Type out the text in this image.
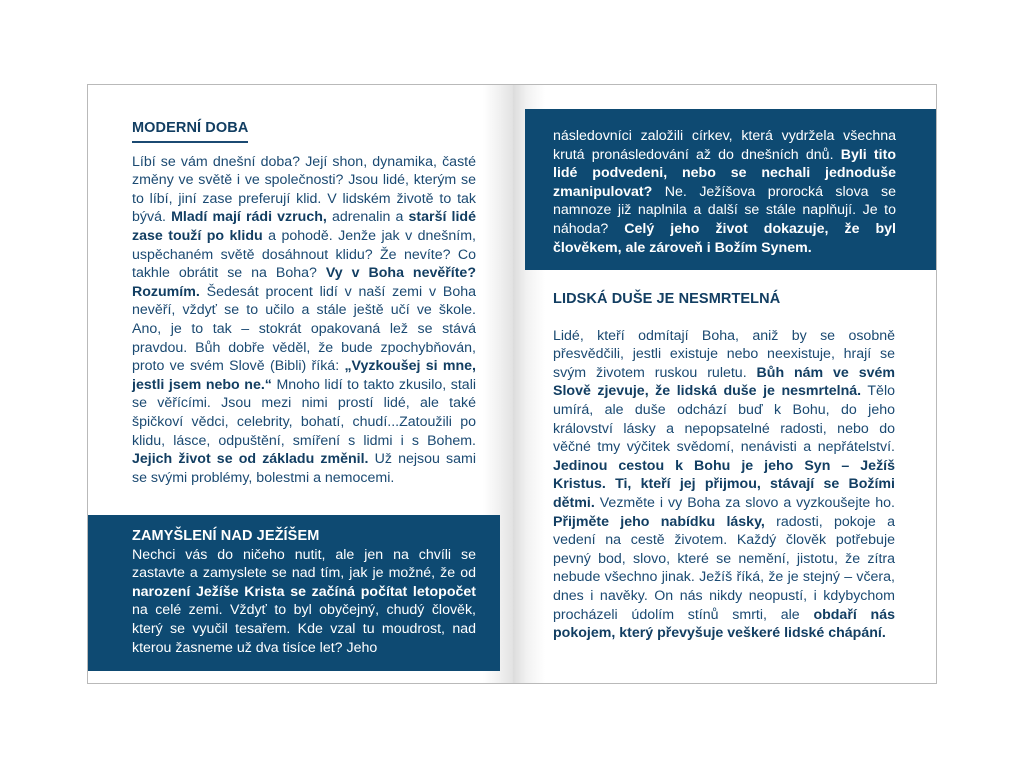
MODERNÍ DOBA
Líbí se vám dnešní doba? Její shon, dynamika, časté změny ve světě i ve společnosti? Jsou lidé, kterým se to líbí, jiní zase preferují klid. V lidském životě to tak bývá. Mladí mají rádi vzruch, adrenalin a starší lidé zase touží po klidu a pohodě. Jenže jak v dnešním, uspěchaném světě dosáhnout klidu? Že nevíte? Co takhle obrátit se na Boha? Vy v Boha nevěříte? Rozumím. Šedesát procent lidí v naší zemi v Boha nevěří, vždyť se to učilo a stále ještě učí ve škole. Ano, je to tak – stokrát opakovaná lež se stává pravdou. Bůh dobře věděl, že bude zpochybňován, proto ve svém Slově (Bibli) říká: „Vyzkoušej si mne, jestli jsem nebo ne.“ Mnoho lidí to takto zkusilo, stali se věřícími. Jsou mezi nimi prostí lidé, ale také špičkoví vědci, celebrity, bohatí, chudí...Zatoužili po klidu, lásce, odpuštění, smíření s lidmi i s Bohem. Jejich život se od základu změnil. Už nejsou sami se svými problémy, bolestmi a nemocemi.
ZAMYŠLENÍ NAD JEŽÍŠEM
Nechci vás do ničeho nutit, ale jen na chvíli se zastavte a zamyslete se nad tím, jak je možné, že od narození Ježíše Krista se začíná počítat letopočet na celé zemi. Vždyť to byl obyčejný, chudý člověk, který se vyučil tesařem. Kde vzal tu moudrost, nad kterou žasneme už dva tisíce let? Jeho
následovníci založili církev, která vydržela všechna krutá pronásledování až do dnešních dnů. Byli tito lidé podvedeni, nebo se nechali jednoduše zmanipulovat? Ne. Ježíšova prorocká slova se namnoze již naplnila a další se stále naplňují. Je to náhoda? Celý jeho život dokazuje, že byl člověkem, ale zároveň i Božím Synem.
LIDSKÁ DUŠE JE NESMRTELNÁ
Lidé, kteří odmítají Boha, aniž by se osobně přesvědčili, jestli existuje nebo neexistuje, hrají se svým životem ruskou ruletu. Bůh nám ve svém Slově zjevuje, že lidská duše je nesmrtelná. Tělo umírá, ale duše odchází buď k Bohu, do jeho království lásky a nepopsatelné radosti, nebo do věčné tmy výčitek svědomí, nenávisti a nepřátelství. Jedinou cestou k Bohu je jeho Syn – Ježíš Kristus. Ti, kteří jej přijmou, stávají se Božími dětmi. Vezměte i vy Boha za slovo a vyzkoušejte ho. Přijměte jeho nabídku lásky, radosti, pokoje a vedení na cestě životem. Každý člověk potřebuje pevný bod, slovo, které se nemění, jistotu, že zítra nebude všechno jinak. Ježíš říká, že je stejný – včera, dnes i navěky. On nás nikdy neopustí, i kdybychom procházeli údolím stínů smrti, ale obdaří nás pokojem, který převyšuje veškeré lidské chápání.
